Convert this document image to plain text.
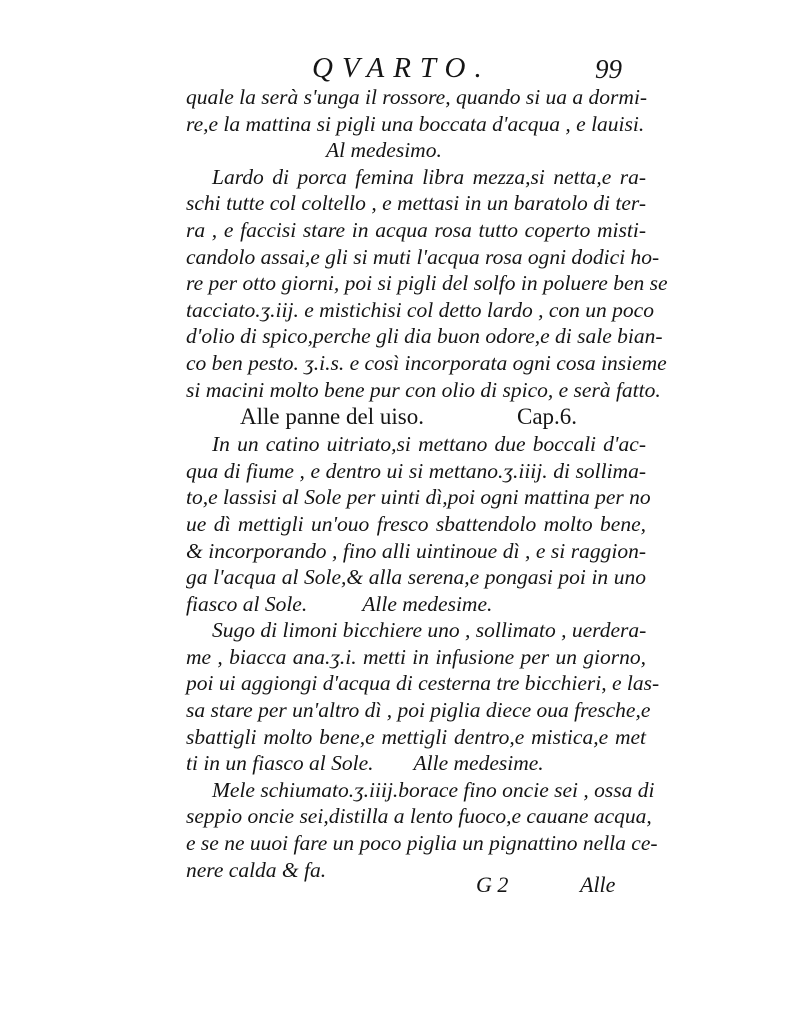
QVARTO.	99
quale la serà s'unga il rossore, quando si ua a dormi-
re,e la mattina si pigli una boccata d'acqua , e lauisi.
Al medesimo.
Lardo di porca femina libra mezza,si netta,e ra-
schi tutte col coltello , e mettasi in un baratolo di ter-
ra , e faccisi stare in acqua rosa tutto coperto misti-
candolo assai,e gli si muti l'acqua rosa ogni dodici ho-
re per otto giorni, poi si pigli del solfo in poluere ben se
tacciato.ʒ.iij. e mistichisi col detto lardo , con un poco
d'olio di spico,perche gli dia buon odore,e di sale bian-
co ben pesto. ʒ.i.s. e così incorporata ogni cosa insieme
si macini molto bene pur con olio di spico, e serà fatto.
Alle panne del uiso.	Cap.6.
In un catino uitriato,si mettano due boccali d'ac-
qua di fiume , e dentro ui si mettano.ʒ.iiij. di sollima-
to,e lassisi al Sole per uinti dì,poi ogni mattina per no
ue dì mettigli un'ouo fresco sbattendolo molto bene,
& incorporando , fino alli uintinoue dì , e si raggion-
ga l'acqua al Sole,& alla serena,e pongasi poi in uno
fiasco al Sole.	Alle medesime.
Sugo di limoni bicchiere uno , sollimato , uerdera-
me , biacca ana.ʒ.i. metti in infusione per un giorno,
poi ui aggiongi d'acqua di cesterna tre bicchieri, e las-
sa stare per un'altro dì , poi piglia diece oua fresche,e
sbattigli molto bene,e mettigli dentro,e mistica,e met
ti in un fiasco al Sole. Alle medesime.
Mele schiumato.ʒ.iiij.borace fino oncie sei , ossa di
seppio oncie sei,distilla a lento fuoco,e cauane acqua,
e se ne uuoi fare un poco piglia un pignattino nella ce-
nere calda & fa.
G 2	Alle
